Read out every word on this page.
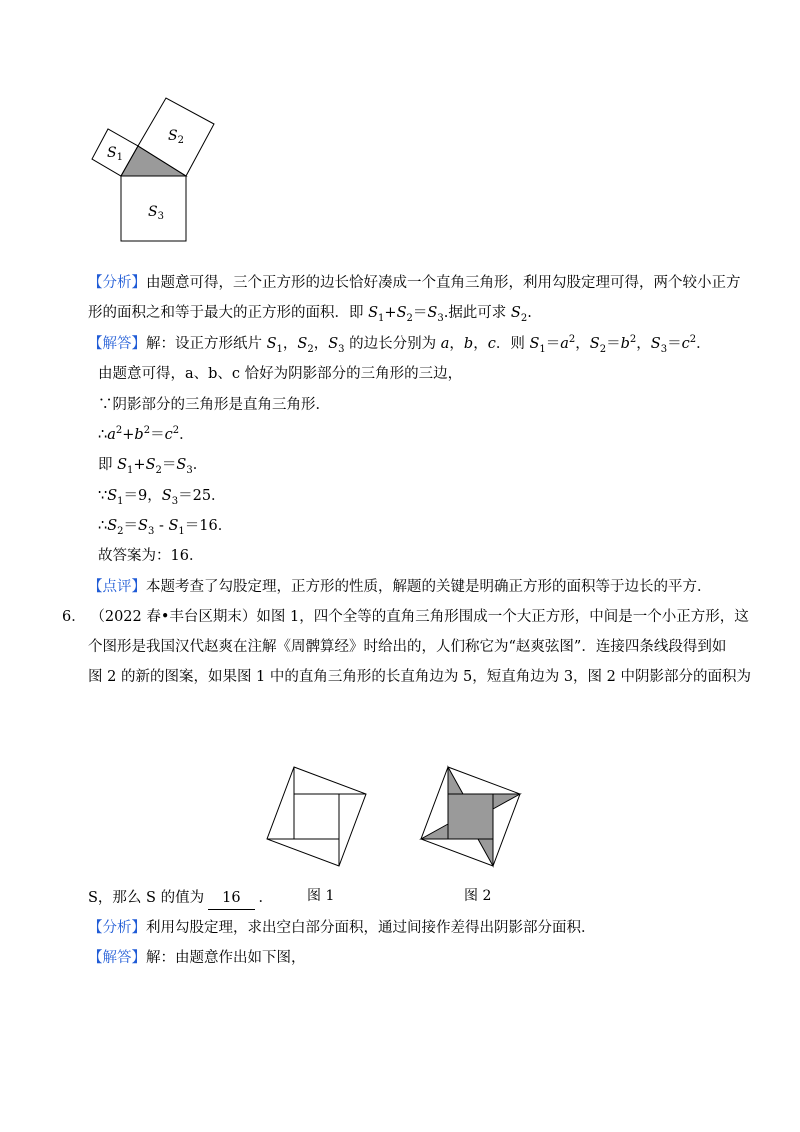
$S_1$
$S_2$
$S_3$
【分析】由题意可得，三个正方形的边长恰好凑成一个直角三角形，利用勾股定理可得，两个较小正方
形的面积之和等于最大的正方形的面积．即 $S_1+S_2=S_3$.据此可求 $S_2$.
【解答】解：设正方形纸片 $S_1$，$S_2$，$S_3$ 的边长分别为 a，b，c．则 $S_1=a^2$，$S_2=b^2$，$S_3=c^2$．
由题意可得，a、b、c 恰好为阴影部分的三角形的三边，
∵阴影部分的三角形是直角三角形．
$\therefore a^2+b^2=c^2$．
即 $S_1+S_2=S_3$．
$\because S_1=9$，$S_3=25$．
$\therefore S_2=S_3 - S_1=16$．
故答案为：16．
【点评】本题考查了勾股定理，正方形的性质，解题的关键是明确正方形的面积等于边长的平方．
6． （2022 春•丰台区期末）如图 1，四个全等的直角三角形围成一个大正方形，中间是一个小正方形，这
个图形是我国汉代赵爽在注解《周髀算经》时给出的，人们称它为“赵爽弦图”．连接四条线段得到如
图 2 的新的图案，如果图 1 中的直角三角形的长直角边为 5，短直角边为 3，图 2 中阴影部分的面积为
图 1	图 2
S，那么 S 的值为 16 ．
【分析】利用勾股定理，求出空白部分面积，通过间接作差得出阴影部分面积．
【解答】解：由题意作出如下图，
